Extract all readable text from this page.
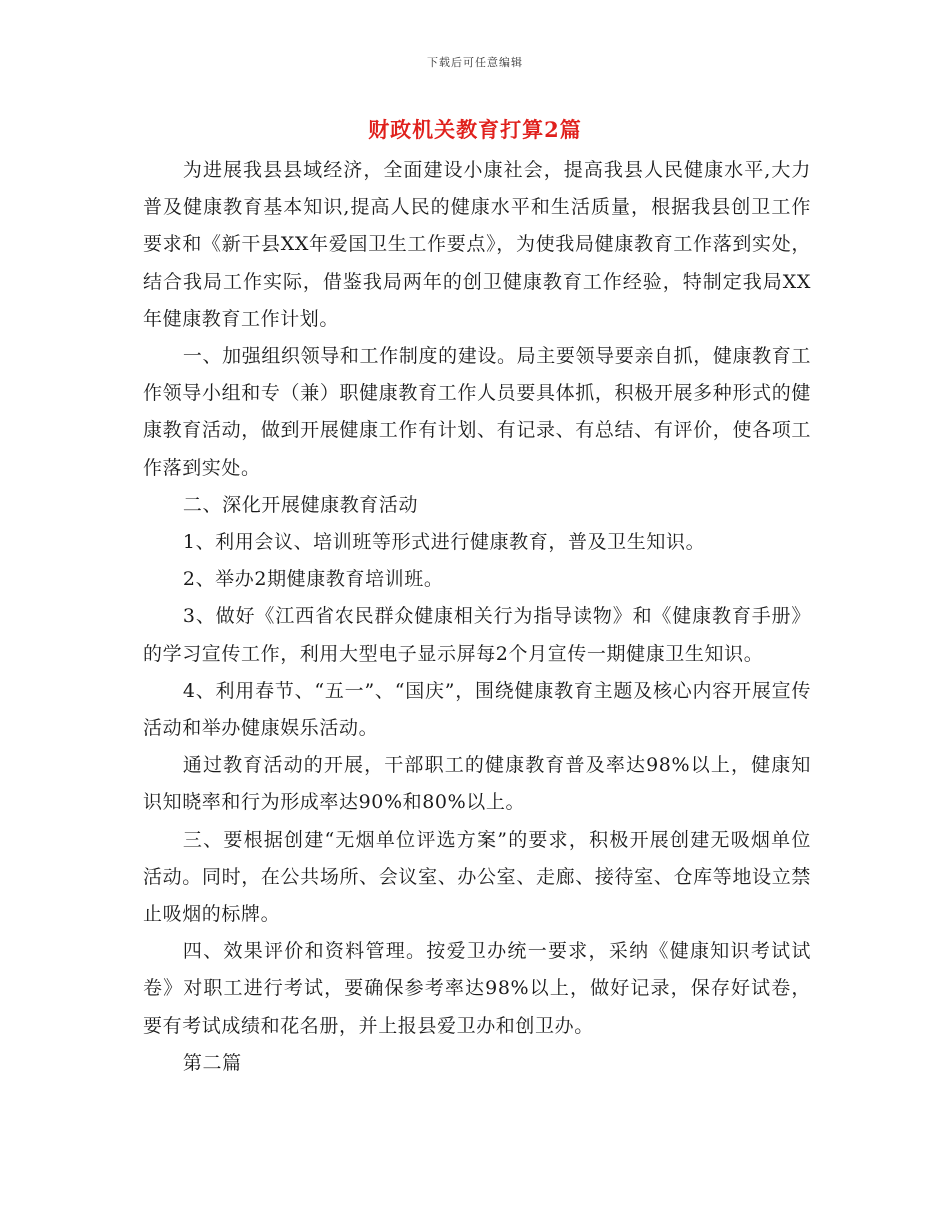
下载后可任意编辑
财政机关教育打算2篇

为进展我县县域经济，全面建设小康社会，提高我县人民健康水平,大力普及健康教育基本知识,提高人民的健康水平和生活质量，根据我县创卫工作要求和《新干县XX年爱国卫生工作要点》，为使我局健康教育工作落到实处，结合我局工作实际，借鉴我局两年的创卫健康教育工作经验，特制定我局XX年健康教育工作计划。

一、加强组织领导和工作制度的建设。局主要领导要亲自抓，健康教育工作领导小组和专（兼）职健康教育工作人员要具体抓，积极开展多种形式的健康教育活动，做到开展健康工作有计划、有记录、有总结、有评价，使各项工作落到实处。

二、深化开展健康教育活动

1、利用会议、培训班等形式进行健康教育，普及卫生知识。

2、举办2期健康教育培训班。

3、做好《江西省农民群众健康相关行为指导读物》和《健康教育手册》的学习宣传工作，利用大型电子显示屏每2个月宣传一期健康卫生知识。

4、利用春节、“五一”、“国庆”，围绕健康教育主题及核心内容开展宣传活动和举办健康娱乐活动。

通过教育活动的开展，干部职工的健康教育普及率达98%以上，健康知识知晓率和行为形成率达90%和80%以上。

三、要根据创建“无烟单位评选方案”的要求，积极开展创建无吸烟单位活动。同时，在公共场所、会议室、办公室、走廊、接待室、仓库等地设立禁止吸烟的标牌。

四、效果评价和资料管理。按爱卫办统一要求，采纳《健康知识考试试卷》对职工进行考试，要确保参考率达98%以上，做好记录，保存好试卷，要有考试成绩和花名册，并上报县爱卫办和创卫办。

第二篇
